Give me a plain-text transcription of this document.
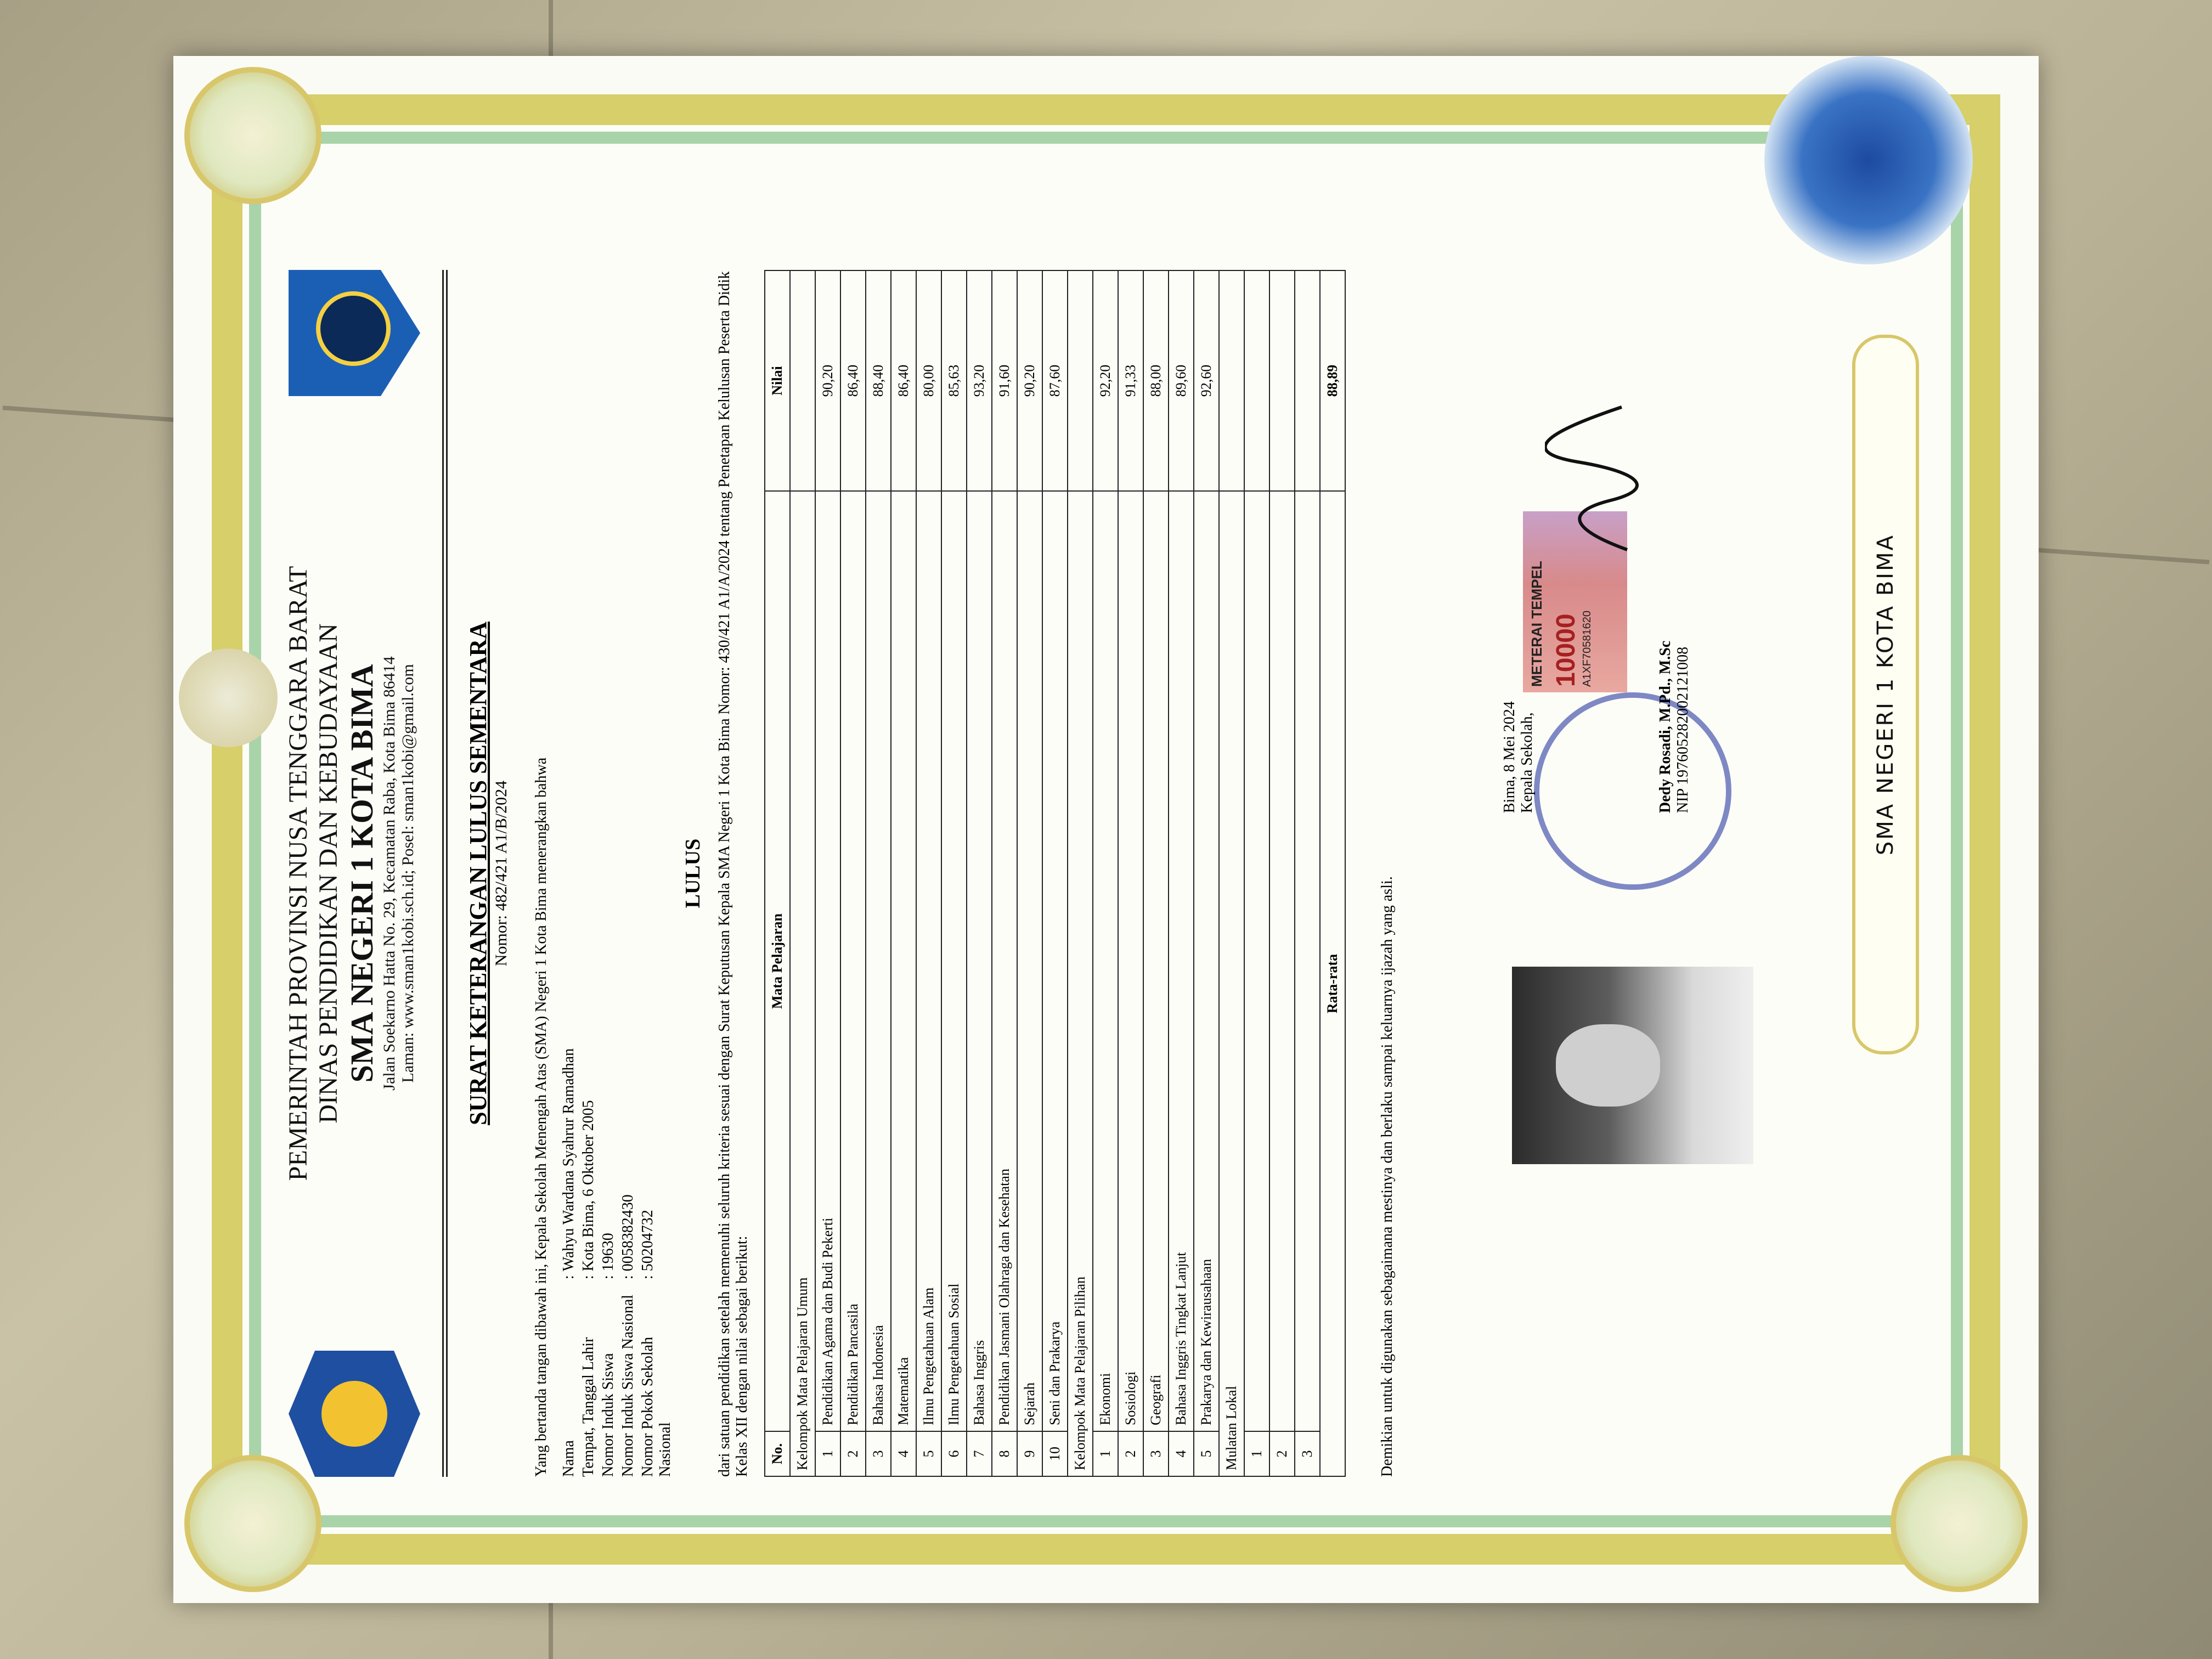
PEMERINTAH PROVINSI NUSA TENGGARA BARAT DINAS PENDIDIKAN DAN KEBUDAYAAN SMA NEGERI 1 KOTA BIMA Jalan Soekarno Hatta No. 29, Kecamatan Raba, Kota Bima 86414 Laman: www.sman1kobi.sch.id; Posel: sman1kobi@gmail.com SURAT KETERANGAN LULUS SEMENTARA Nomor: 482/421 A1/B/2024 Yang bertanda tangan dibawah ini, Kepala Sekolah Menengah Atas (SMA) Negeri 1 Kota Bima menerangkan bahwa Nama
:
Wahyu Wardana Syahrur Ramadhan
Tempat, Tanggal Lahir
:
Kota Bima, 6 Oktober 2005
Nomor Induk Siswa
:
19630
Nomor Induk Siswa Nasional
:
0058382430
Nomor Pokok Sekolah Nasional
:
50204732
LULUS dari satuan pendidikan setelah memenuhi seluruh kriteria sesuai dengan Surat Keputusan Kepala SMA Negeri 1 Kota Bima Nomor: 430/421 A1/A/2024 tentang Penetapan Kelulusan Peserta Didik Kelas XII dengan nilai sebagai berikut: No.	Mata Pelajaran	Nilai
Kelompok Mata Pelajaran Umum		
1	Pendidikan Agama dan Budi Pekerti	90,20
2	Pendidikan Pancasila	86,40
3	Bahasa Indonesia	88,40
4	Matematika	86,40
5	Ilmu Pengetahuan Alam	80,00
6	Ilmu Pengetahuan Sosial	85,63
7	Bahasa Inggris	93,20
8	Pendidikan Jasmani Olahraga dan Kesehatan	91,60
9	Sejarah	90,20
10	Seni dan Prakarya	87,60
Kelompok Mata Pelajaran Pilihan		
1	Ekonomi	92,20
2	Sosiologi	91,33
3	Geografi	88,00
4	Bahasa Inggris Tingkat Lanjut	89,60
5	Prakarya dan Kewirausahaan	92,60
Mulatan Lokal		
1		
2		
3		
Rata-rata		88,89
Demikian untuk digunakan sebagaimana mestinya dan berlaku sampai keluarnya ijazah yang asli.
METERAI TEMPEL 10000 A1XF70581620
Bima, 8 Mei 2024 Kepala Sekolah,	Dedy Rosadi, M.Pd., M.Sc NIP 197605282002121008	SMA NEGERI 1 KOTA BIMA
